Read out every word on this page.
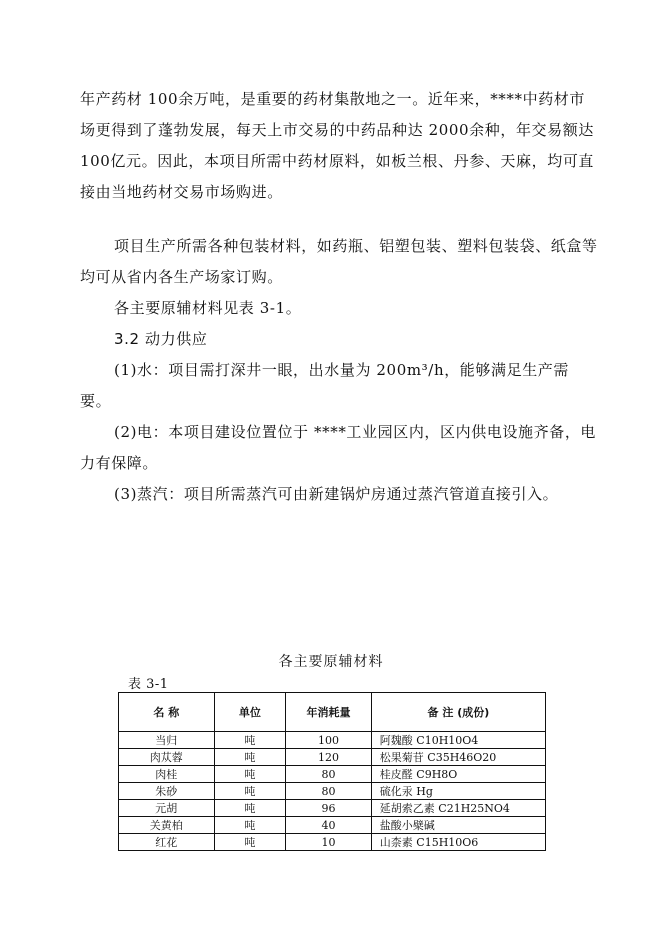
年产药材 100余万吨，是重要的药材集散地之一。近年来，****中药材市场更得到了蓬勃发展，每天上市交易的中药品种达 2000余种，年交易额达 100亿元。因此，本项目所需中药材原料，如板兰根、丹参、天麻，均可直接由当地药材交易市场购进。

项目生产所需各种包装材料，如药瓶、铝塑包装、塑料包装袋、纸盒等均可从省内各生产场家订购。

各主要原辅材料见表 3-1。

3.2 动力供应

(1)水：项目需打深井一眼，出水量为 200m³/h，能够满足生产需要。

(2)电：本项目建设位置位于 ****工业园区内，区内供电设施齐备，电力有保障。

(3)蒸汽：项目所需蒸汽可由新建锅炉房通过蒸汽管道直接引入。

各主要原辅材料
表 3-1
名 称	单位	年消耗量	备 注 (成份)
当归	吨	100	阿魏酸 C10H10O4
肉苁蓉	吨	120	松果菊苷 C35H46O20
肉桂	吨	80	桂皮醛 C9H8O
朱砂	吨	80	硫化汞 Hg
元胡	吨	96	延胡索乙素 C21H25NO4
关黄柏	吨	40	盐酸小檗碱
红花	吨	10	山柰素 C15H10O6
